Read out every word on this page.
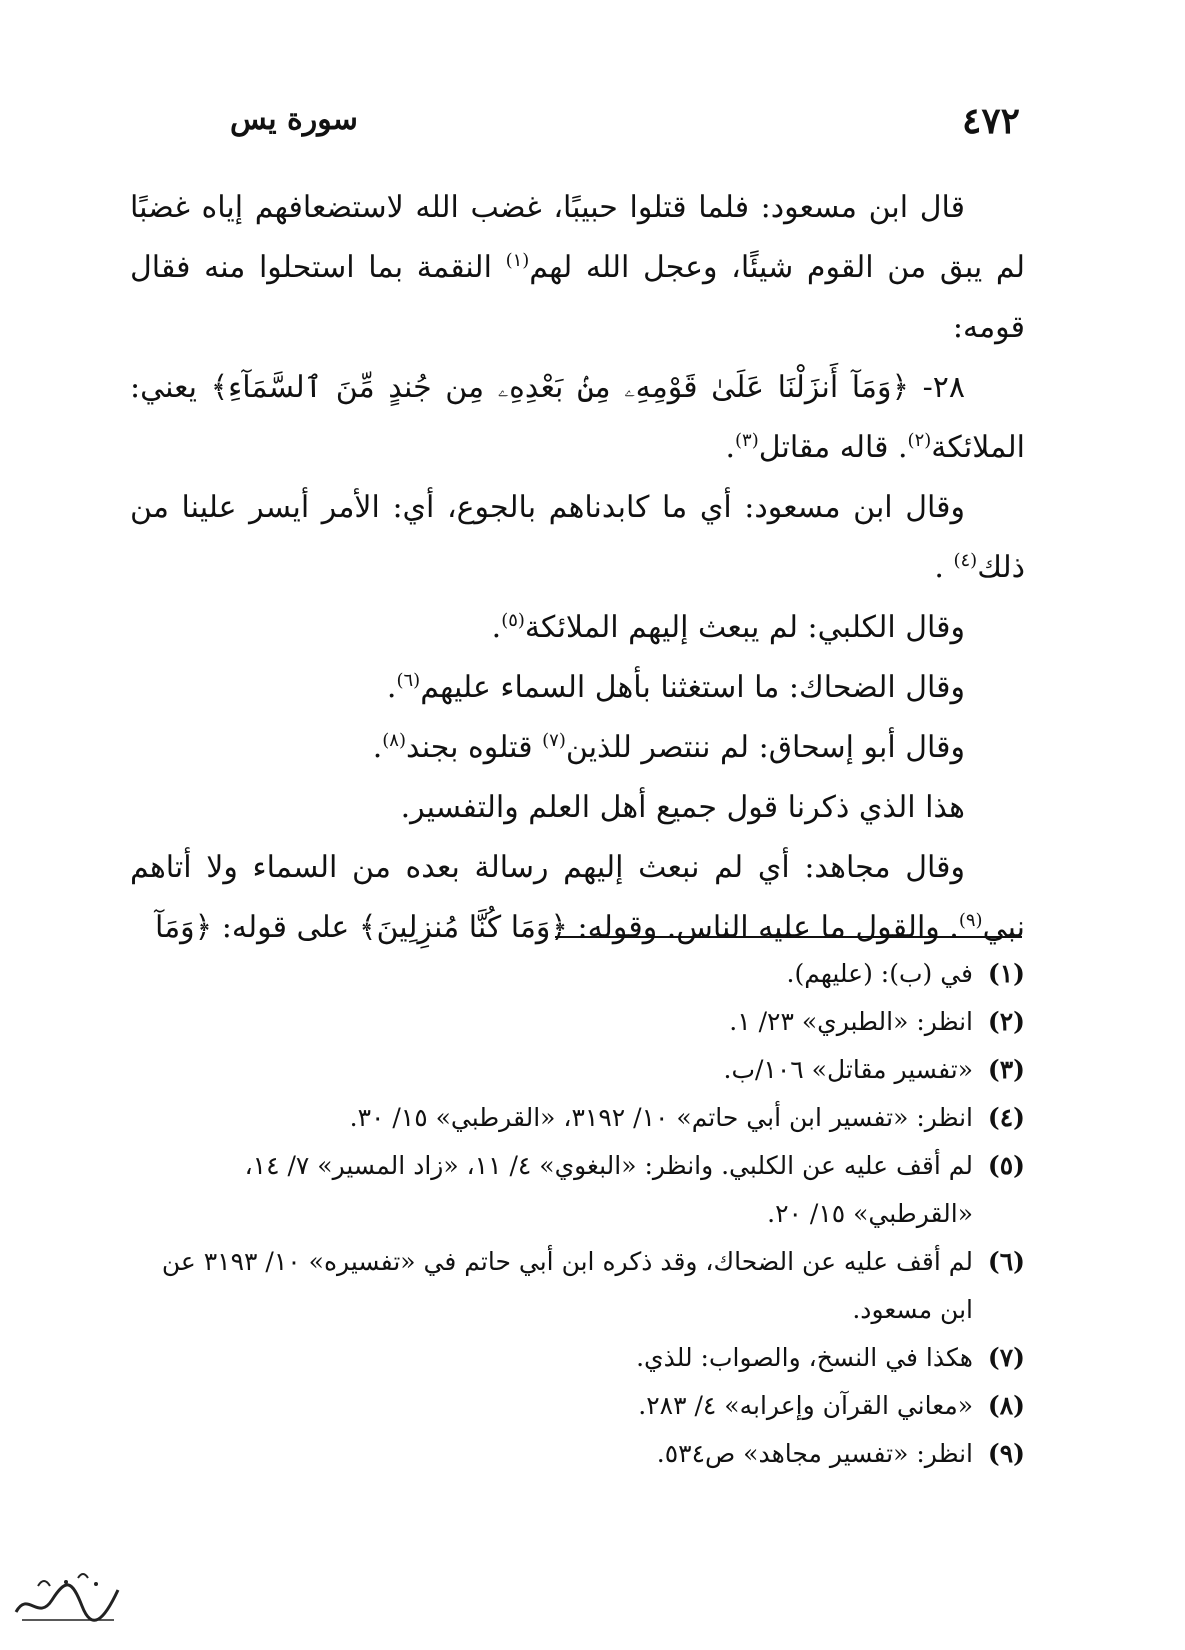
٤٧٢
سورة يس

قال ابن مسعود: فلما قتلوا حبيبًا، غضب الله لاستضعافهم إياه غضبًا لم يبق من القوم شيئًا، وعجل الله لهم$^{(١)}$ النقمة بما استحلوا منه فقال قومه:

٢٨- ﴿وَمَآ أَنزَلْنَا عَلَىٰ قَوْمِهِۦ مِنۢ بَعْدِهِۦ مِن جُندٍ مِّنَ ٱلسَّمَآءِ﴾ يعني: الملائكة$^{(٢)}$. قاله مقاتل$^{(٣)}$.

وقال ابن مسعود: أي ما كابدناهم بالجوع، أي: الأمر أيسر علينا من ذلك$^{(٤)}$ .

وقال الكلبي: لم يبعث إليهم الملائكة$^{(٥)}$.

وقال الضحاك: ما استغثنا بأهل السماء عليهم$^{(٦)}$.

وقال أبو إسحاق: لم ننتصر للذين$^{(٧)}$ قتلوه بجند$^{(٨)}$.

هذا الذي ذكرنا قول جميع أهل العلم والتفسير.

وقال مجاهد: أي لم نبعث إليهم رسالة بعده من السماء ولا أتاهم نبي$^{(٩)}$. والقول ما عليه الناس. وقوله: ﴿وَمَا كُنَّا مُنزِلِينَ﴾ على قوله: ﴿وَمَآ

(١)
في (ب): (عليهم).
(٢)
انظر: «الطبري» ٢٣/ ١.
(٣)
«تفسير مقاتل» ١٠٦/ب.
(٤)
انظر: «تفسير ابن أبي حاتم» ١٠/ ٣١٩٢، «القرطبي» ١٥/ ٣٠.
(٥)
لم أقف عليه عن الكلبي. وانظر: «البغوي» ٤/ ١١، «زاد المسير» ٧/ ١٤، «القرطبي» ١٥/ ٢٠.
(٦)
لم أقف عليه عن الضحاك، وقد ذكره ابن أبي حاتم في «تفسيره» ١٠/ ٣١٩٣ عن ابن مسعود.
(٧)
هكذا في النسخ، والصواب: للذي.
(٨)
«معاني القرآن وإعرابه» ٤/ ٢٨٣.
(٩)
انظر: «تفسير مجاهد» ص٥٣٤.
